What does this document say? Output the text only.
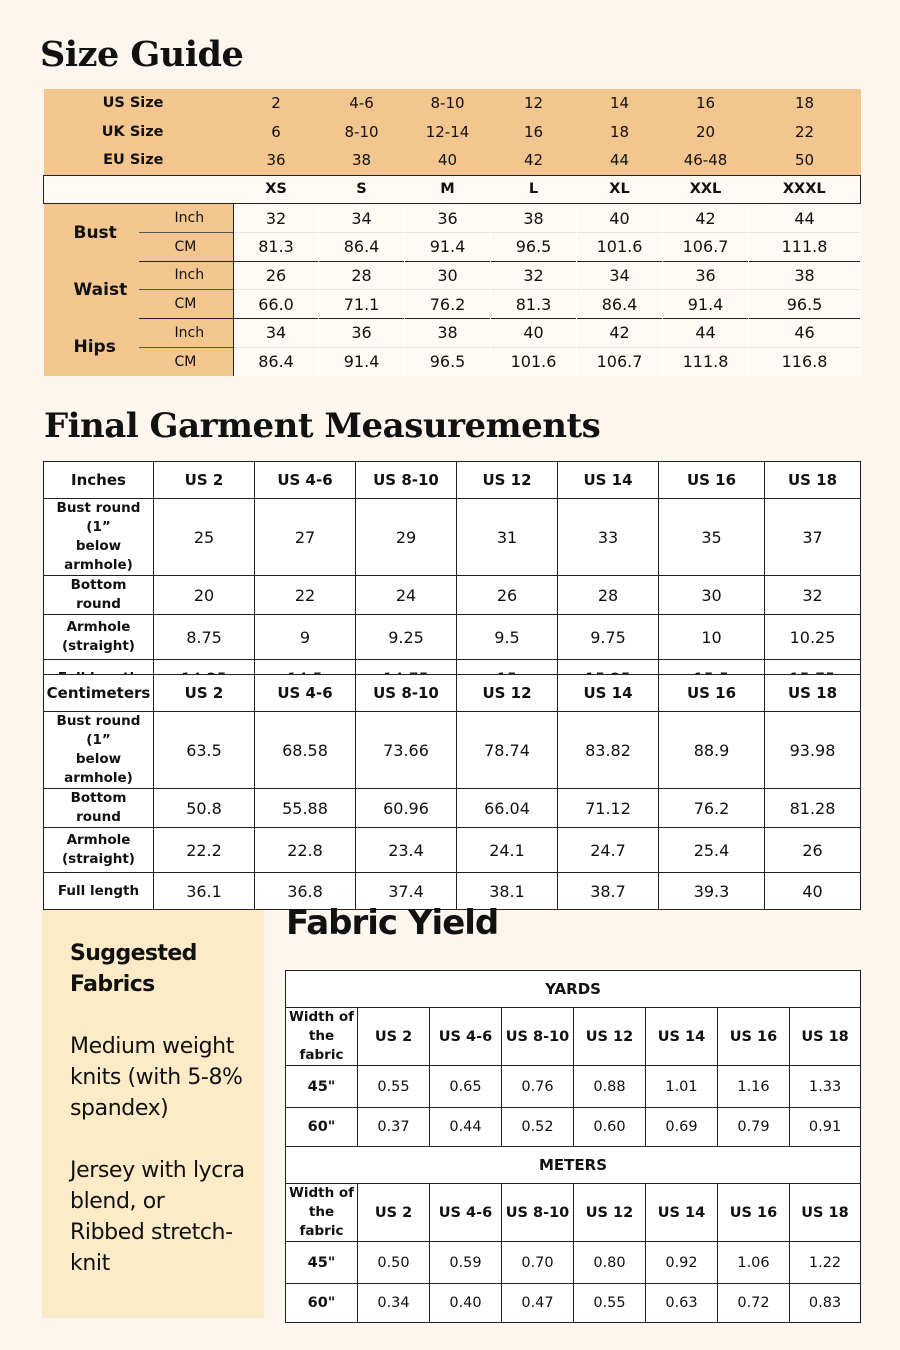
Size Guide
US Size		2	4-6	8-10	12	14	16	18
UK Size		6	8-10	12-14	16	18	20	22
EU Size		36	38	40	42	44	46-48	50
		XS	S	M	L	XL	XXL	XXXL
Bust	Inch	32	34	36	38	40	42	44
	CM	81.3	86.4	91.4	96.5	101.6	106.7	111.8
Waist	Inch	26	28	30	32	34	36	38
	CM	66.0	71.1	76.2	81.3	86.4	91.4	96.5
Hips	Inch	34	36	38	40	42	44	46
	CM	86.4	91.4	96.5	101.6	106.7	111.8	116.8
Final Garment Measurements
Inches	US 2	US 4-6	US 8-10	US 12	US 14	US 16	US 18

Bust round (1”
below armhole)	25	27	29	31	33	35	37

Bottom round	20	22	24	26	28	30	32

Armhole
(straight)	8.75	9	9.25	9.5	9.75	10	10.25

Centimeters	US 2	US 4-6	US 8-10	US 12	US 14	US 16	US 18

Bust round (1”
below armhole)	63.5	68.58	73.66	78.74	83.82	88.9	93.98

Bottom round	50.8	55.88	60.96	66.04	71.12	76.2	81.28

Armhole
(straight)	22.2	22.8	23.4	24.1	24.7	25.4	26

Full length	36.1	36.8	37.4	38.1	38.7	39.3	40
Suggested
Fabrics
Medium weight
knits (with 5-8%
spandex)
Jersey with lycra
blend, or
Ribbed stretch-
knit
Fabric Yield
YARDS							

Width of
the fabric	US 2	US 4-6	US 8-10	US 12	US 14	US 16	US 18
45"	0.55	0.65	0.76	0.88	1.01	1.16	1.33
60"	0.37	0.44	0.52	0.60	0.69	0.79	0.91
METERS							

Width of
the fabric	US 2	US 4-6	US 8-10	US 12	US 14	US 16	US 18
45"	0.50	0.59	0.70	0.80	0.92	1.06	1.22
60"	0.34	0.40	0.47	0.55	0.63	0.72	0.83
